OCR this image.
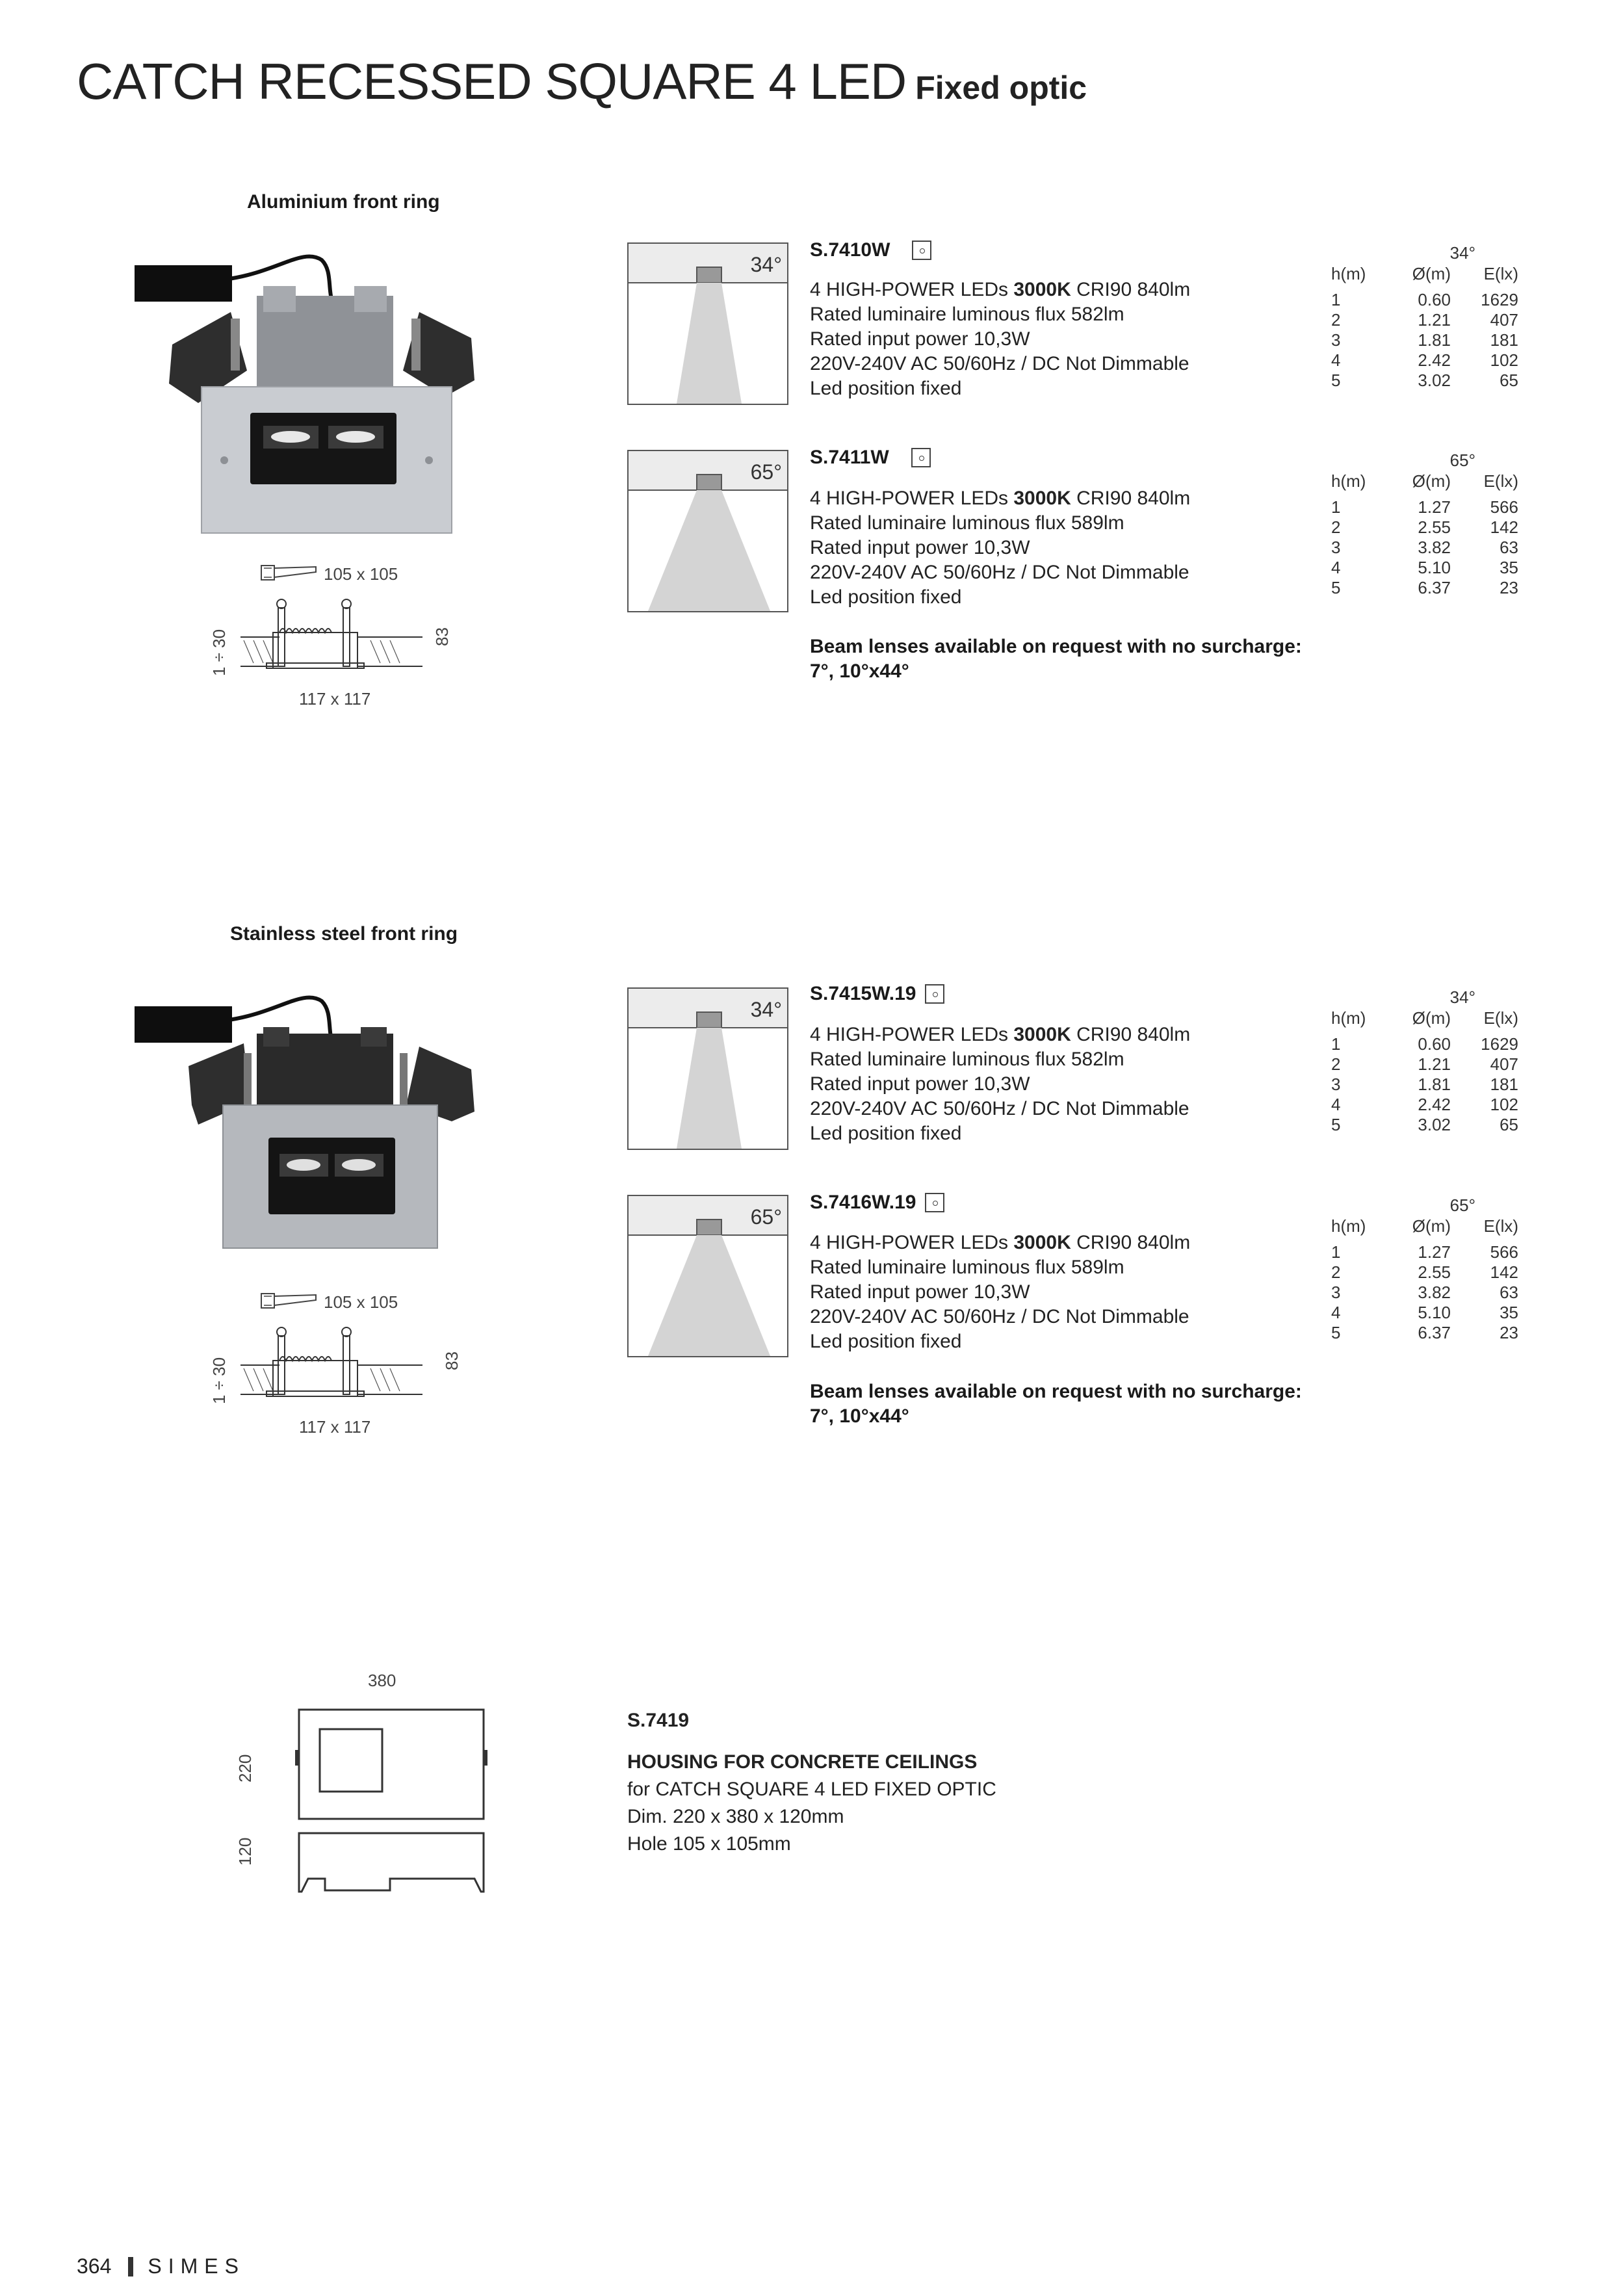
CATCH RECESSED SQUARE 4 LED Fixed optic
Aluminium front ring
105 x 105
1 ÷ 30	83
117 x 117
34°
S.7410W
4 HIGH-POWER LEDs 3000K CRI90 840lm
Rated luminaire luminous flux 582lm
Rated input power 10,3W
220V-240V AC 50/60Hz / DC Not Dimmable
Led position fixed
34°
h(m)	Ø(m)	E(lx)
1	0.60	1629
2	1.21	407
3	1.81	181
4	2.42	102
5	3.02	65
65°
S.7411W
4 HIGH-POWER LEDs 3000K CRI90 840lm
Rated luminaire luminous flux 589lm
Rated input power 10,3W
220V-240V AC 50/60Hz / DC Not Dimmable
Led position fixed
65°
h(m)	Ø(m)	E(lx)
1	1.27	566
2	2.55	142
3	3.82	63
4	5.10	35
5	6.37	23
Beam lenses available on request with no surcharge:
7°, 10°x44°
Stainless steel front ring
105 x 105
1 ÷ 30	83
117 x 117
34°
S.7415W.19
4 HIGH-POWER LEDs 3000K CRI90 840lm
Rated luminaire luminous flux 582lm
Rated input power 10,3W
220V-240V AC 50/60Hz / DC Not Dimmable
Led position fixed
34°
h(m)	Ø(m)	E(lx)
1	0.60	1629
2	1.21	407
3	1.81	181
4	2.42	102
5	3.02	65
65°
S.7416W.19
4 HIGH-POWER LEDs 3000K CRI90 840lm
Rated luminaire luminous flux 589lm
Rated input power 10,3W
220V-240V AC 50/60Hz / DC Not Dimmable
Led position fixed
65°
h(m)	Ø(m)	E(lx)
1	1.27	566
2	2.55	142
3	3.82	63
4	5.10	35
5	6.37	23
Beam lenses available on request with no surcharge:
7°, 10°x44°
380
220
120
S.7419
HOUSING FOR CONCRETE CEILINGS
for CATCH SQUARE 4 LED FIXED OPTIC
Dim. 220 x 380 x 120mm
Hole 105 x 105mm
364 SIMES
